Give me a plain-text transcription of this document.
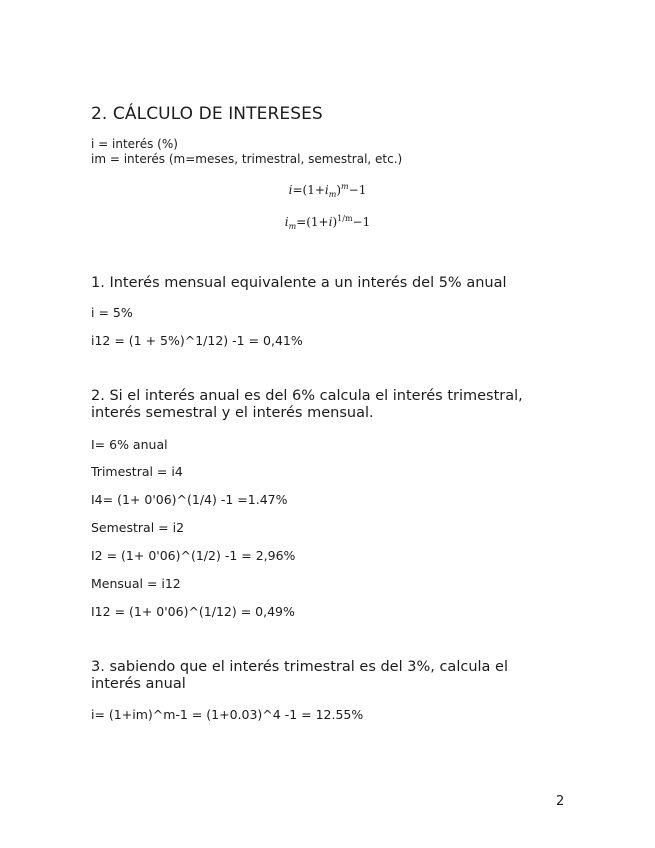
2. CÁLCULO DE INTERESES
i = interés (%)
im = interés (m=meses, trimestral, semestral, etc.)
$i=(1+i_m)^m-1$
$i_m=(1+i)^{1/m}-1$
1. Interés mensual equivalente a un interés del 5% anual
i = 5%
i12 = (1 + 5%)^1/12) -1 = 0,41%
2. Si el interés anual es del 6% calcula el interés trimestral, interés semestral y el interés mensual.
I= 6% anual
Trimestral = i4
I4= (1+ 0'06)^(1/4) -1 =1.47%
Semestral = i2
I2 = (1+ 0'06)^(1/2) -1 = 2,96%
Mensual = i12
I12 = (1+ 0'06)^(1/12) = 0,49%
3. sabiendo que el interés trimestral es del 3%, calcula el interés anual
i= (1+im)^m-1 = (1+0.03)^4 -1 = 12.55%
2
